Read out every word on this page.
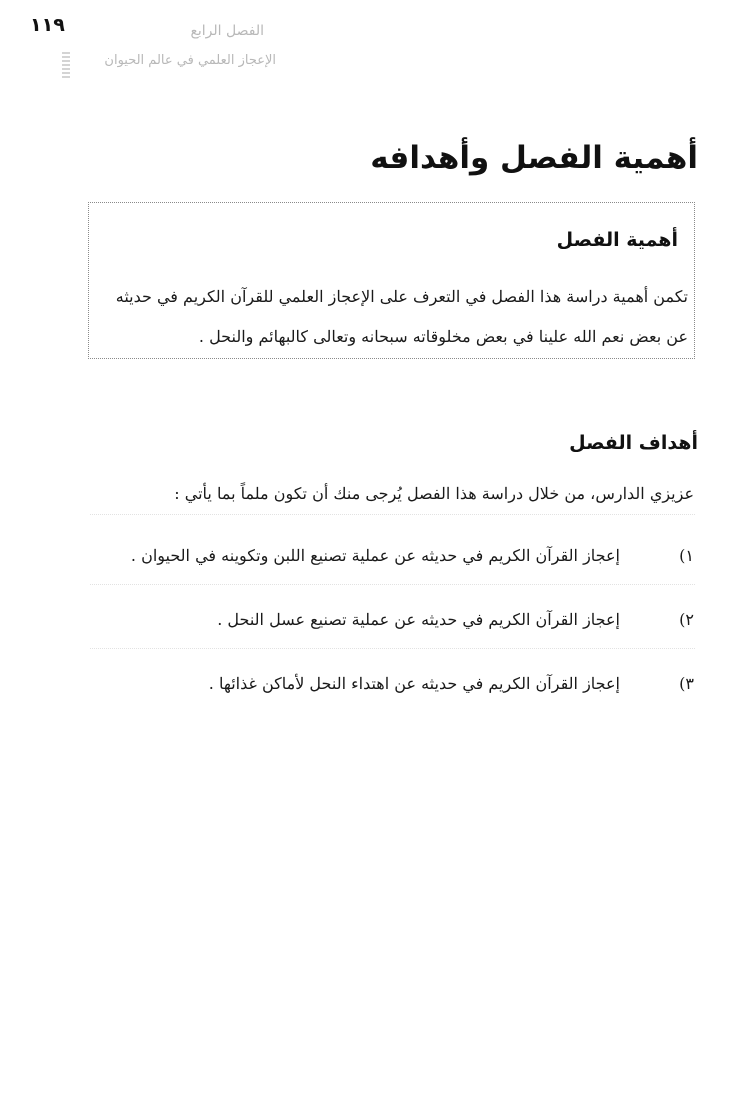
١١٩	الفصل الرابع
الإعجاز العلمي في عالم الحيوان
أهمية الفصل وأهدافه
أهمية الفصل

تكمن أهمية دراسة هذا الفصل في التعرف على الإعجاز العلمي للقرآن الكريم في حديثه عن بعض نعم الله علينا في بعض مخلوقاته سبحانه وتعالى كالبهائم والنحل .

أهداف الفصل

عزيزي الدارس، من خلال دراسة هذا الفصل يُرجى منك أن تكون ملماً بما يأتي :

١)
إعجاز القرآن الكريم في حديثه عن عملية تصنيع اللبن وتكوينه في الحيوان .
٢)
إعجاز القرآن الكريم في حديثه عن عملية تصنيع عسل النحل .
٣)
إعجاز القرآن الكريم في حديثه عن اهتداء النحل لأماكن غذائها .
